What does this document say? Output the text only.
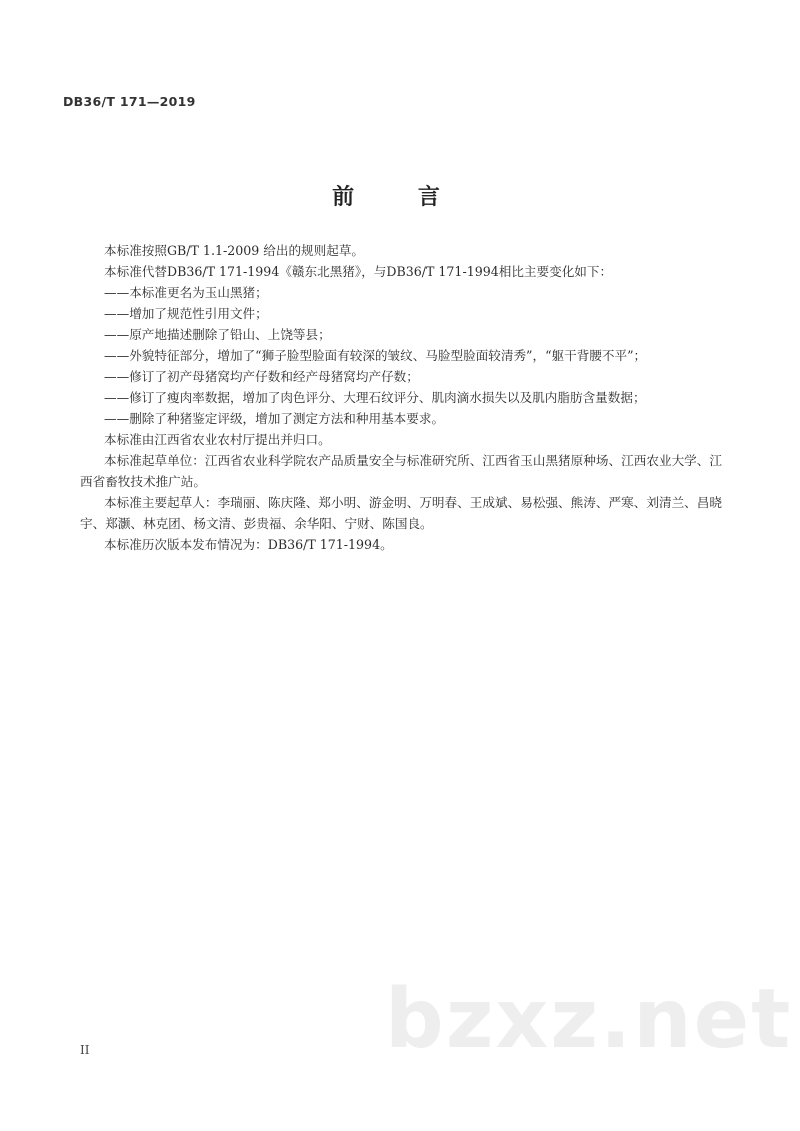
DB36/T 171—2019
前 言

本标准按照GB/T 1.1-2009 给出的规则起草。

本标准代替DB36/T 171-1994《赣东北黑猪》，与DB36/T 171-1994相比主要变化如下：

——本标准更名为玉山黑猪；

——增加了规范性引用文件；

——原产地描述删除了铅山、上饶等县；

——外貌特征部分，增加了“狮子脸型脸面有较深的皱纹、马脸型脸面较清秀”，“躯干背腰不平”；

——修订了初产母猪窝均产仔数和经产母猪窝均产仔数；

——修订了瘦肉率数据，增加了肉色评分、大理石纹评分、肌肉滴水损失以及肌内脂肪含量数据；

——删除了种猪鉴定评级，增加了测定方法和种用基本要求。

本标准由江西省农业农村厅提出并归口。

本标准起草单位：江西省农业科学院农产品质量安全与标准研究所、江西省玉山黑猪原种场、江西农业大学、江西省畜牧技术推广站。

本标准主要起草人：李瑞丽、陈庆隆、郑小明、游金明、万明春、王成斌、易松强、熊涛、严寒、刘清兰、昌晓宇、郑灏、林克团、杨文清、彭贵福、余华阳、宁财、陈国良。

本标准历次版本发布情况为：DB36/T 171-1994。

bzxz.net
II
